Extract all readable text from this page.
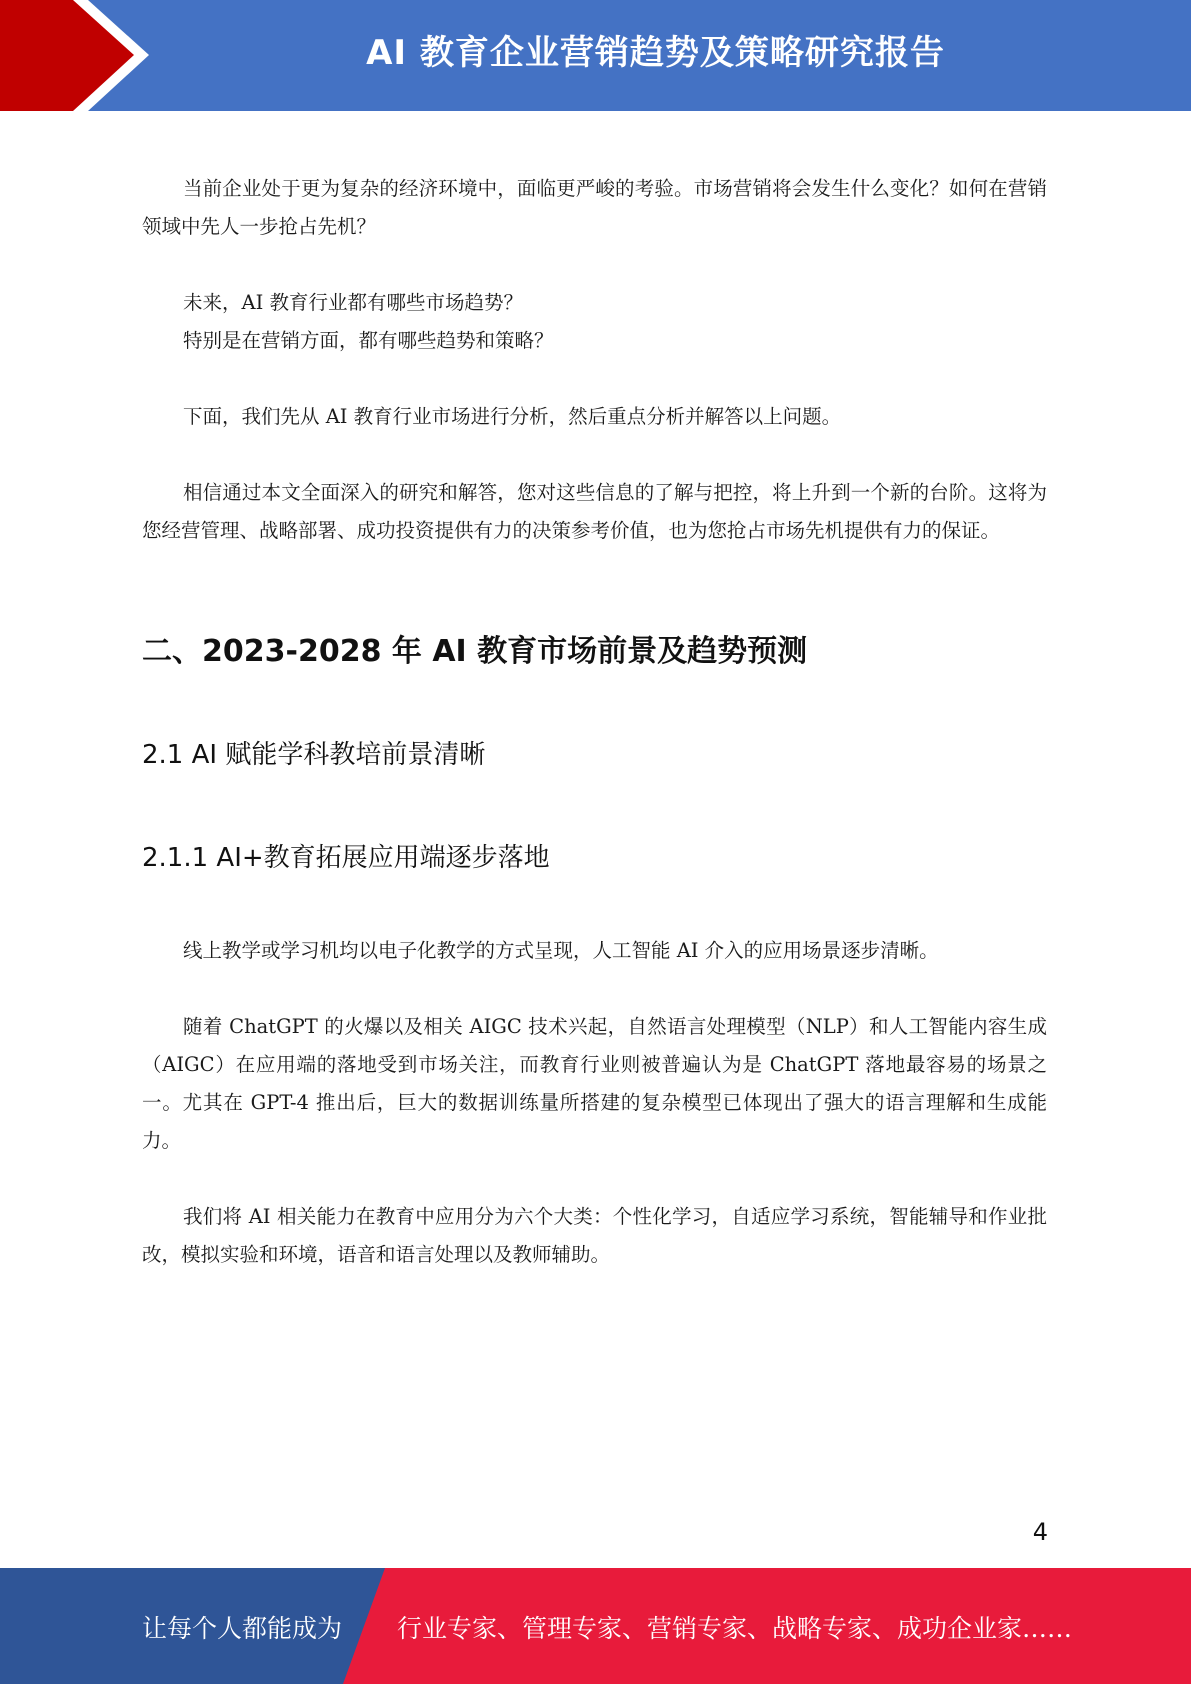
AI 教育企业营销趋势及策略研究报告

当前企业处于更为复杂的经济环境中，面临更严峻的考验。市场营销将会发生什么变化？如何在营销领域中先人一步抢占先机？

未来，AI 教育行业都有哪些市场趋势？

特别是在营销方面，都有哪些趋势和策略？

下面，我们先从 AI 教育行业市场进行分析，然后重点分析并解答以上问题。

相信通过本文全面深入的研究和解答，您对这些信息的了解与把控，将上升到一个新的台阶。这将为您经营管理、战略部署、成功投资提供有力的决策参考价值，也为您抢占市场先机提供有力的保证。

二、2023-2028 年 AI 教育市场前景及趋势预测
2.1 AI 赋能学科教培前景清晰
2.1.1 AI+教育拓展应用端逐步落地

线上教学或学习机均以电子化教学的方式呈现，人工智能 AI 介入的应用场景逐步清晰。

随着 ChatGPT 的火爆以及相关 AIGC 技术兴起，自然语言处理模型（NLP）和人工智能内容生成（AIGC）在应用端的落地受到市场关注，而教育行业则被普遍认为是 ChatGPT 落地最容易的场景之一。尤其在 GPT-4 推出后，巨大的数据训练量所搭建的复杂模型已体现出了强大的语言理解和生成能力。

我们将 AI 相关能力在教育中应用分为六个大类：个性化学习，自适应学习系统，智能辅导和作业批改，模拟实验和环境，语音和语言处理以及教师辅助。

4
让每个人都能成为 行业专家、管理专家、营销专家、战略专家、成功企业家……
